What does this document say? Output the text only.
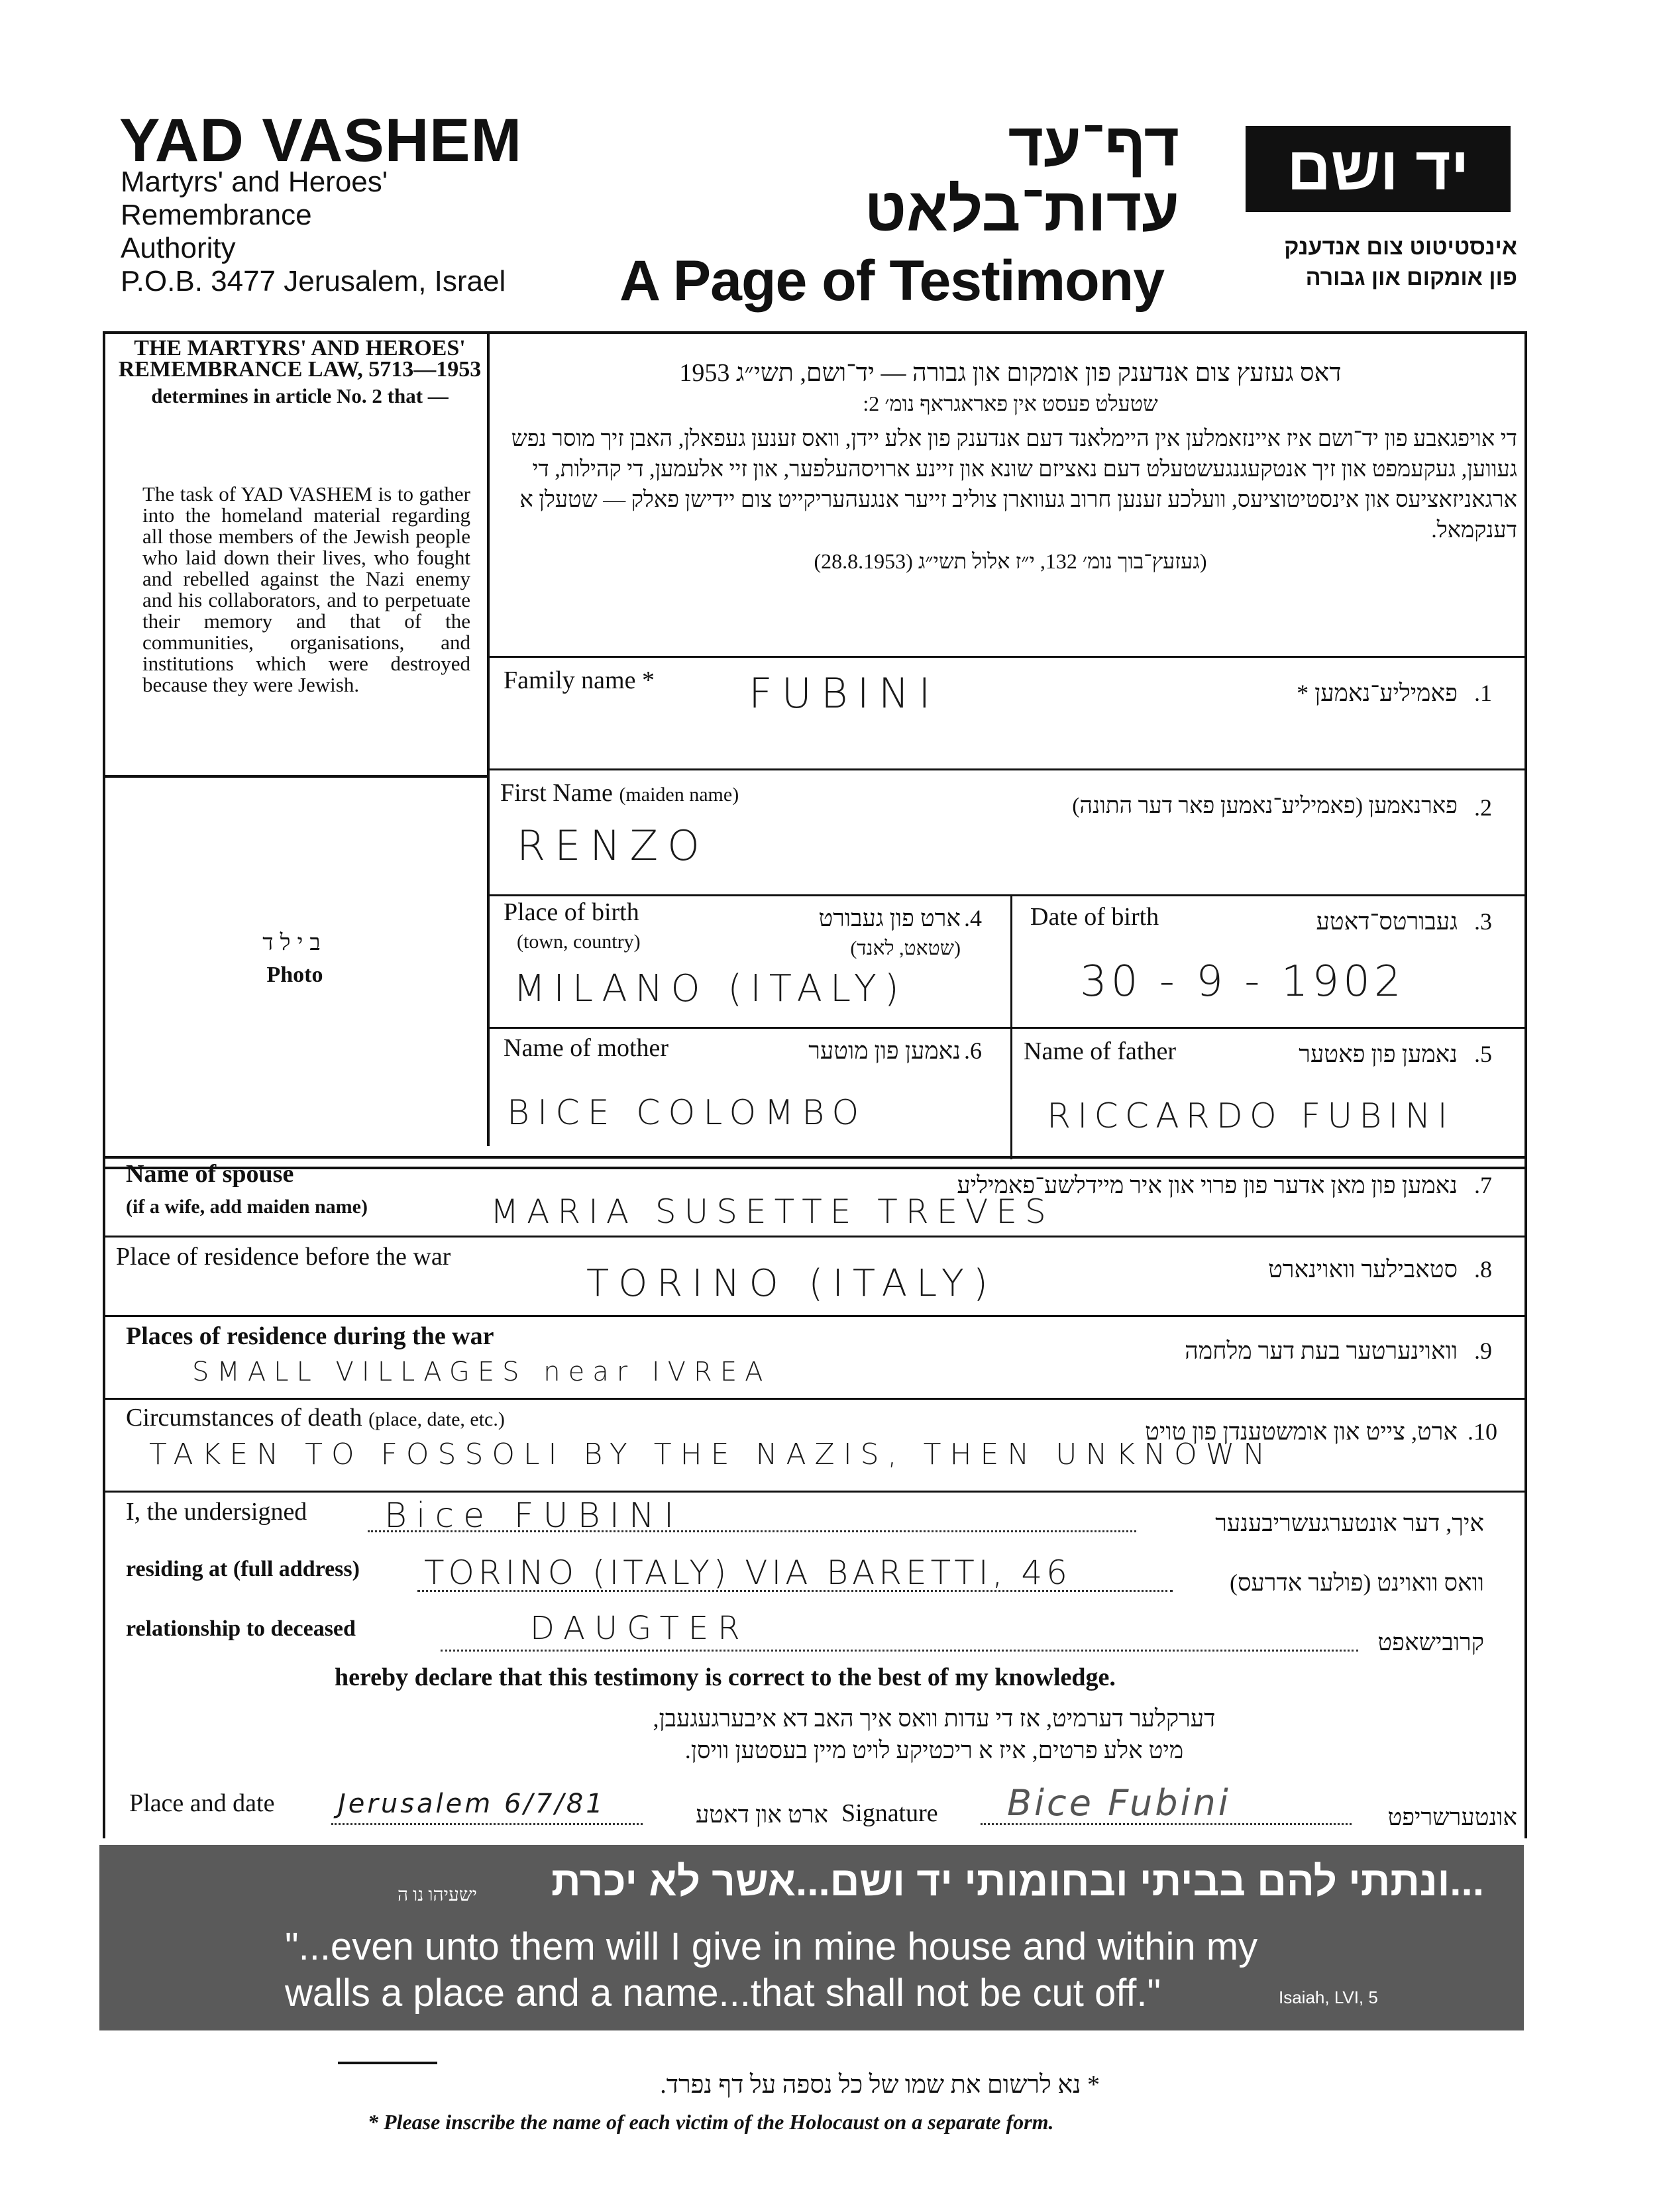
YAD VASHEM
Martyrs' and Heroes'
Remembrance
Authority
P.O.B. 3477 Jerusalem, Israel
דף־עד
עדות־בלאט
A Page of Testimony
יד ושם
אינסטיטוט צום אנדענק
פון אומקום און גבורה
THE MARTYRS' AND HEROES' REMEMBRANCE LAW, 5713—1953
determines in article No. 2 that —
The task of YAD VASHEM is to gather into the homeland material regarding all those members of the Jewish people who laid down their lives, who fought and rebelled against the Nazi enemy and his collaborators, and to perpetuate their memory and that of the communities, organisations, and institutions which were destroyed because they were Jewish.
דאס געזעץ צום אנדענק פון אומקום און גבורה — יד־ושם, תשי״ג 1953
שטעלט פעסט אין פאראגראף נומ׳ 2:
די אויפגאבע פון יד־ושם איז איינזאמלען אין היימלאנד דעם אנדענק פון אלע יידן, וואס זענען געפאלן, האבן זיך מוסר נפש געווען, געקעמפט און זיך אנטקעגנגעשטעלט דעם נאציזם שונא און זיינע ארויסהעלפער, און זיי אלעמען, די קהילות, די ארגאניזאציעס און אינסטיטוציעס, וועלכע זענען חרוב געווארן צוליב זייער אנגעהעריקייט צום יידישן פאלק — שטעלן א דענקמאל.
(געזעץ־בוך נומ׳ 132, י״ז אלול תשי״ג (28.8.1953)
בילד
Photo
Family name * FUBINI	פאמיליע־נאמען * .1
First Name (maiden name)
RENZO
פארנאמען (פאמיליע־נאמען פאר דער התונה) .2
Place of birth
(town, country)
ארט פון געבורט
(שטאט, לאנד)
.4
MILANO (ITALY)
Date of birth	געבורטס־דאטע .3
30 - 9 - 1902
Name of mother	נאמען פון מוטער .6
BICE COLOMBO
Name of father	נאמען פון פאטער .5
RICCARDO FUBINI
Name of spouse
(if a wife, add maiden name)
נאמען פון מאן אדער פון פרוי און איר מיידלשע־פאמיליע .7
MARIA SUSETTE TREVES
Place of residence before the war	סטאבילער וואוינארט .8
TORINO (ITALY)
Places of residence during the war
וואוינערטער בעת דער מלחמה .9
SMALL VILLAGES near IVREA
Circumstances of death (place, date, etc.)	ארט, צייט און אומשטענדן פון טויט .10
TAKEN TO FOSSOLI BY THE NAZIS, THEN UNKNOWN
I, the undersigned Bice FUBINI	איך, דער אונטערגעשריבענער
residing at (full address) TORINO (ITALY) VIA BARETTI, 46	וואס וואוינט (פולער אדרעס)
relationship to deceased	DAUGTER	קרובישאפט
hereby declare that this testimony is correct to the best of my knowledge.
דערקלער דערמיט, אז די עדות וואס איך האב דא איבערגעגעבן,
מיט אלע פרטים, איז א ריכטיקע לויט מיין בעסטען וויסן.
Place and date Jerusalem 6/7/81	ארט און דאטע Signature Bice Fubini	אונטערשריפט
...ונתתי להם בביתי ובחומותי יד ושם...אשר לא יכרת
ישעיהו נו ה
"...even unto them will I give in mine house and within my
walls a place and a name...that shall not be cut off."	Isaiah, LVI, 5
* נא לרשום את שמו של כל נספה על דף נפרד.
* Please inscribe the name of each victim of the Holocaust on a separate form.
